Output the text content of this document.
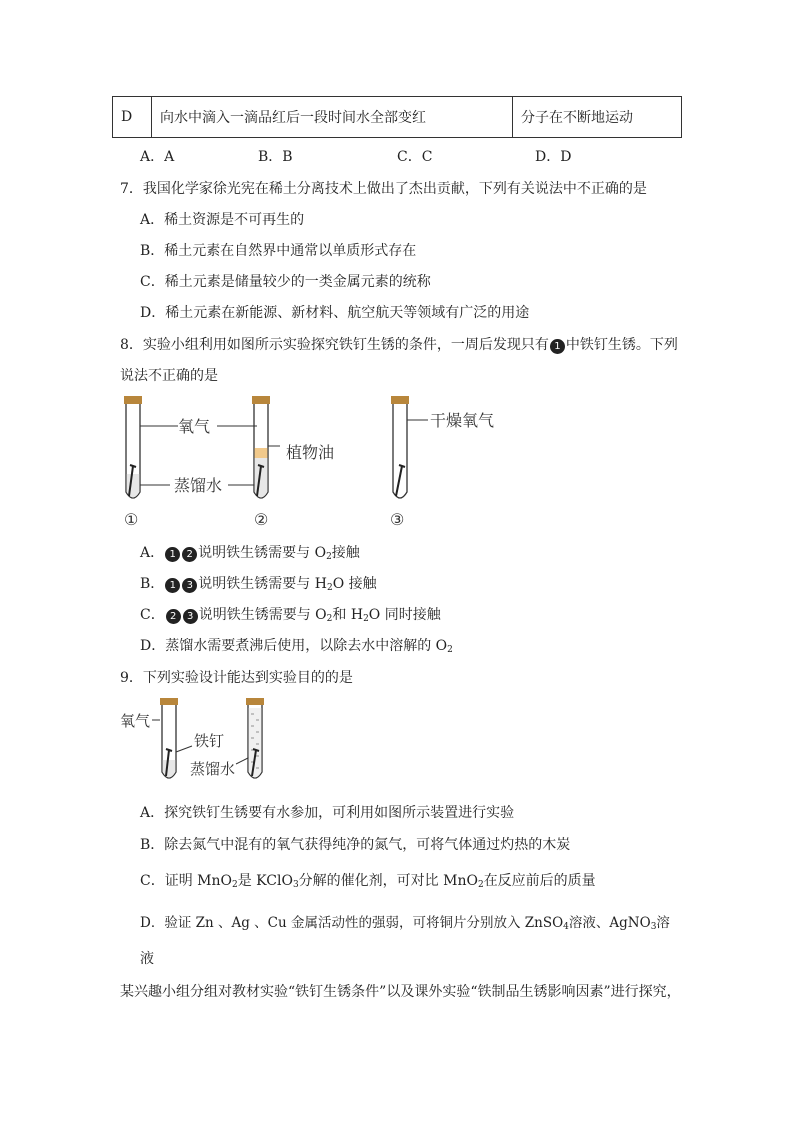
D	向水中滴入一滴品红后一段时间水全部变红	分子在不断地运动
A．A	B．B	C．C	D．D
7．我国化学家徐光宪在稀土分离技术上做出了杰出贡献，下列有关说法中不正确的是
A．稀土资源是不可再生的
B．稀土元素在自然界中通常以单质形式存在
C．稀土元素是储量较少的一类金属元素的统称
D．稀土元素在新能源、新材料、航空航天等领域有广泛的用途
8．实验小组利用如图所示实验探究铁钉生锈的条件，一周后发现只有 1 中铁钉生锈。下列
说法不正确的是
氧气
蒸馏水
①
植物油
②
干燥氧气
③
A． 1 2 说明铁生锈需要与 $O_2$接触
B． 1 3 说明铁生锈需要与 $H_2O$ 接触
C． 2 3 说明铁生锈需要与 $O_2$和 $H_2O$ 同时接触
D．蒸馏水需要煮沸后使用，以除去水中溶解的 $O_2$
9．下列实验设计能达到实验目的的是
氧气
铁钉
蒸馏水
A．探究铁钉生锈要有水参加，可利用如图所示装置进行实验
B．除去氮气中混有的氧气获得纯净的氮气，可将气体通过灼热的木炭
C．证明 MnO$_2$是 KClO$_3$分解的催化剂，可对比 MnO$_2$在反应前后的质量
D．验证 Zn 、Ag 、Cu 金属活动性的强弱，可将铜片分别放入 ZnSO$_4$溶液、AgNO$_3$溶
液
某兴趣小组分组对教材实验“铁钉生锈条件”以及课外实验“铁制品生锈影响因素”进行探究，
